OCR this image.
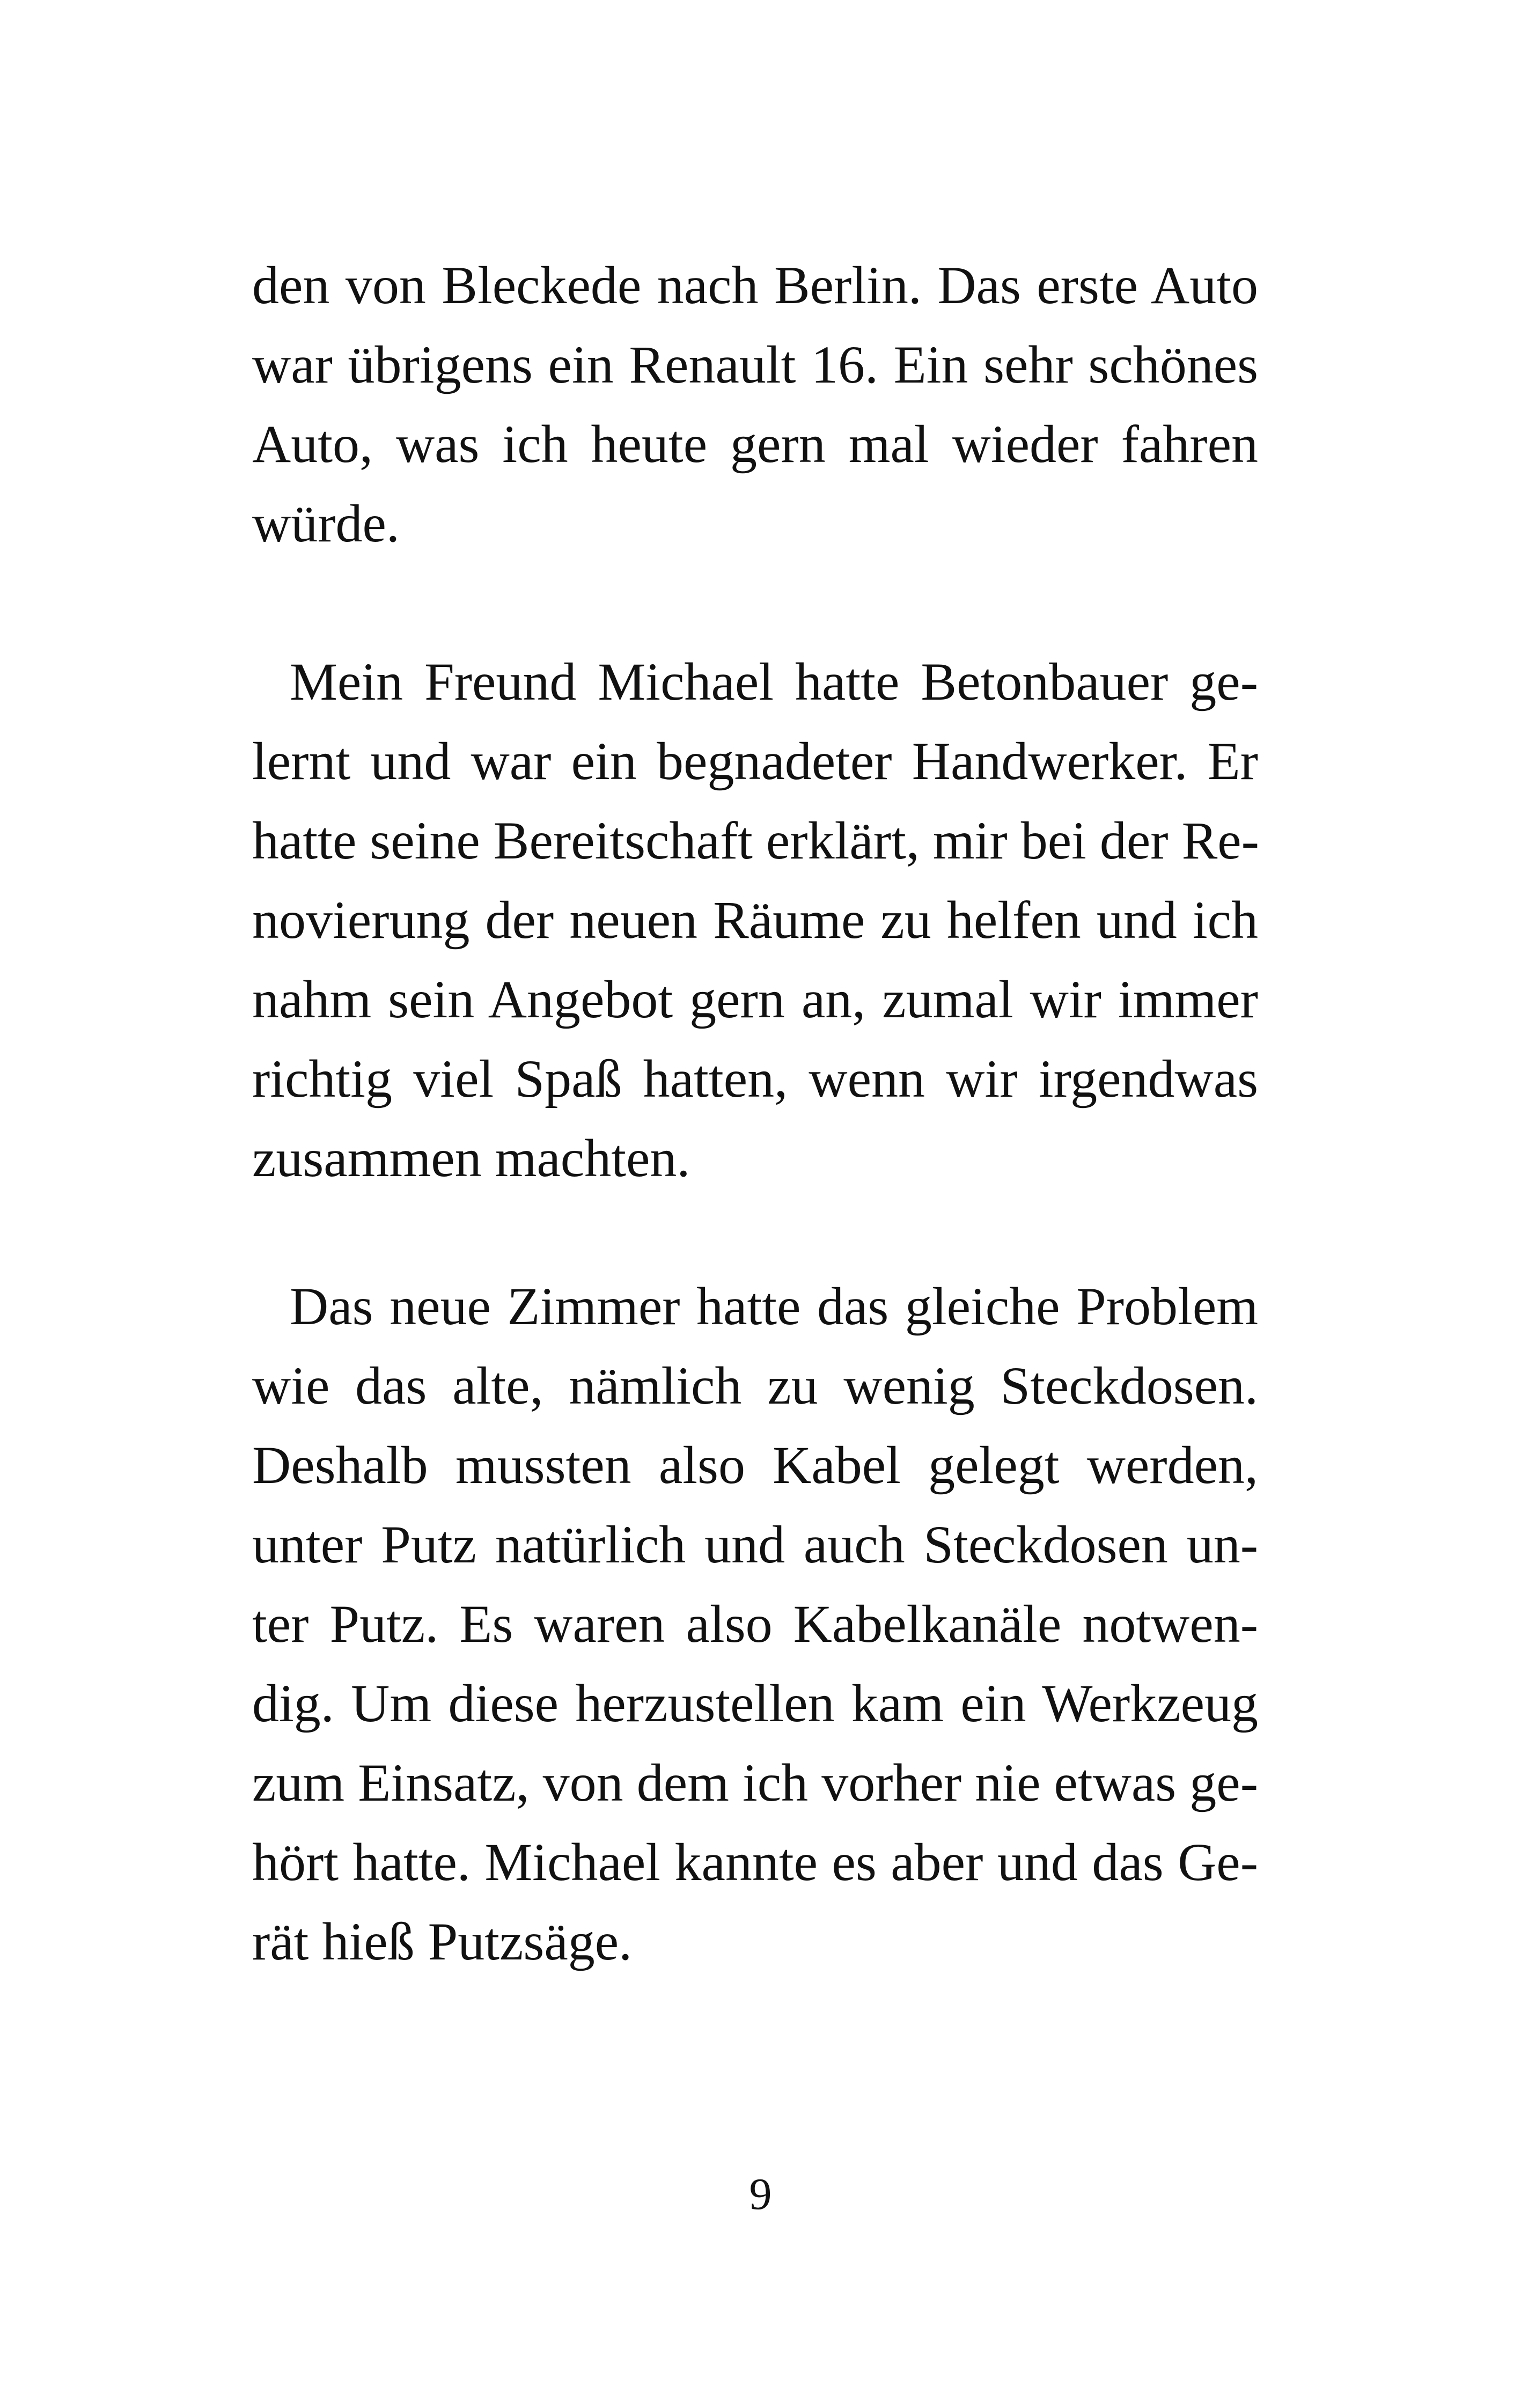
den von Bleckede nach Berlin. Das erste Auto
war übrigens ein Renault 16. Ein sehr schönes
Auto, was ich heute gern mal wieder fahren
würde.
Mein Freund Michael hatte Betonbauer ge-
lernt und war ein begnadeter Handwerker. Er
hatte seine Bereitschaft erklärt, mir bei der Re-
novierung der neuen Räume zu helfen und ich
nahm sein Angebot gern an, zumal wir immer
richtig viel Spaß hatten, wenn wir irgendwas
zusammen machten.
Das neue Zimmer hatte das gleiche Problem
wie das alte, nämlich zu wenig Steckdosen.
Deshalb mussten also Kabel gelegt werden,
unter Putz natürlich und auch Steckdosen un-
ter Putz. Es waren also Kabelkanäle notwen-
dig. Um diese herzustellen kam ein Werkzeug
zum Einsatz, von dem ich vorher nie etwas ge-
hört hatte. Michael kannte es aber und das Ge-
rät hieß Putzsäge.
9
